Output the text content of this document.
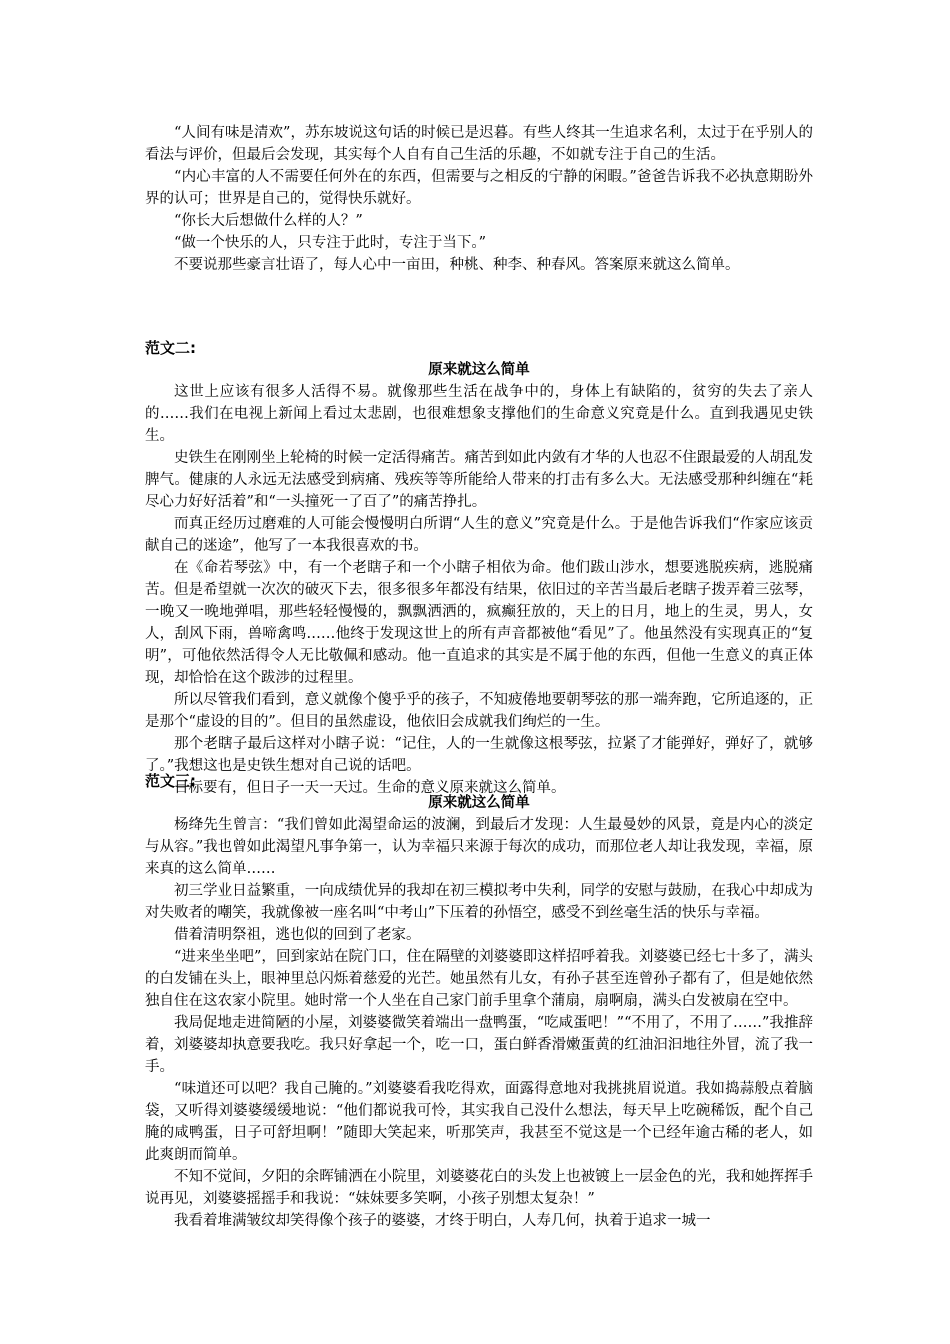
“人间有味是清欢”，苏东坡说这句话的时候已是迟暮。有些人终其一生追求名利，太过于在乎别人的看法与评价，但最后会发现，其实每个人自有自己生活的乐趣，不如就专注于自己的生活。

“内心丰富的人不需要任何外在的东西，但需要与之相反的宁静的闲暇。”爸爸告诉我不必执意期盼外界的认可；世界是自己的，觉得快乐就好。

“你长大后想做什么样的人？”

“做一个快乐的人，只专注于此时，专注于当下。”

不要说那些豪言壮语了，每人心中一亩田，种桃、种李、种春风。答案原来就这么简单。

范文二:
原来就这么简单

这世上应该有很多人活得不易。就像那些生活在战争中的，身体上有缺陷的，贫穷的失去了亲人的……我们在电视上新闻上看过太悲剧，也很难想象支撑他们的生命意义究竟是什么。直到我遇见史铁生。

史铁生在刚刚坐上轮椅的时候一定活得痛苦。痛苦到如此内敛有才华的人也忍不住跟最爱的人胡乱发脾气。健康的人永远无法感受到病痛、残疾等等所能给人带来的打击有多么大。无法感受那种纠缠在“耗尽心力好好活着”和“一头撞死一了百了”的痛苦挣扎。

而真正经历过磨难的人可能会慢慢明白所谓“人生的意义”究竟是什么。于是他告诉我们“作家应该贡献自己的迷途”，他写了一本我很喜欢的书。

在《命若琴弦》中，有一个老瞎子和一个小瞎子相依为命。他们跋山涉水，想要逃脱疾病，逃脱痛苦。但是希望就一次次的破灭下去，很多很多年都没有结果，依旧过的辛苦当最后老瞎子拨弄着三弦琴，一晚又一晚地弹唱，那些轻轻慢慢的，飘飘洒洒的，疯癫狂放的，天上的日月，地上的生灵，男人，女人，刮风下雨，兽啼禽鸣……他终于发现这世上的所有声音都被他“看见”了。他虽然没有实现真正的“复明”，可他依然活得令人无比敬佩和感动。他一直追求的其实是不属于他的东西，但他一生意义的真正体现，却恰恰在这个跋涉的过程里。

所以尽管我们看到，意义就像个傻乎乎的孩子，不知疲倦地要朝琴弦的那一端奔跑，它所追逐的，正是那个“虚设的目的”。但目的虽然虚设，他依旧会成就我们绚烂的一生。

那个老瞎子最后这样对小瞎子说：“记住，人的一生就像这根琴弦，拉紧了才能弹好，弹好了，就够了。”我想这也是史铁生想对自己说的话吧。

目标要有，但日子一天一天过。生命的意义原来就这么简单。

范文三:
原来就这么简单

杨绛先生曾言：“我们曾如此渴望命运的波澜，到最后才发现：人生最曼妙的风景，竟是内心的淡定与从容。”我也曾如此渴望凡事争第一，认为幸福只来源于每次的成功，而那位老人却让我发现，幸福，原来真的这么简单……

初三学业日益繁重，一向成绩优异的我却在初三模拟考中失利，同学的安慰与鼓励，在我心中却成为对失败者的嘲笑，我就像被一座名叫“中考山”下压着的孙悟空，感受不到丝毫生活的快乐与幸福。

借着清明祭祖，逃也似的回到了老家。

“进来坐坐吧”，回到家站在院门口，住在隔壁的刘婆婆即这样招呼着我。刘婆婆已经七十多了，满头的白发铺在头上，眼神里总闪烁着慈爱的光芒。她虽然有儿女，有孙子甚至连曾孙子都有了，但是她依然独自住在这农家小院里。她时常一个人坐在自己家门前手里拿个蒲扇，扇啊扇，满头白发被扇在空中。

我局促地走进简陋的小屋，刘婆婆微笑着端出一盘鸭蛋，“吃咸蛋吧！”“不用了，不用了……”我推辞着，刘婆婆却执意要我吃。我只好拿起一个，吃一口，蛋白鲜香滑嫩蛋黄的红油汩汩地往外冒，流了我一手。

“味道还可以吧？我自己腌的。”刘婆婆看我吃得欢，面露得意地对我挑挑眉说道。我如捣蒜般点着脑袋，又听得刘婆婆缓缓地说：“他们都说我可怜，其实我自己没什么想法，每天早上吃碗稀饭，配个自己腌的咸鸭蛋，日子可舒坦啊！”随即大笑起来，听那笑声，我甚至不觉这是一个已经年逾古稀的老人，如此爽朗而简单。

不知不觉间，夕阳的余晖铺洒在小院里，刘婆婆花白的头发上也被镀上一层金色的光，我和她挥挥手说再见，刘婆婆摇摇手和我说：“妹妹要多笑啊，小孩子别想太复杂！”

我看着堆满皱纹却笑得像个孩子的婆婆，才终于明白，人寿几何，执着于追求一城一
